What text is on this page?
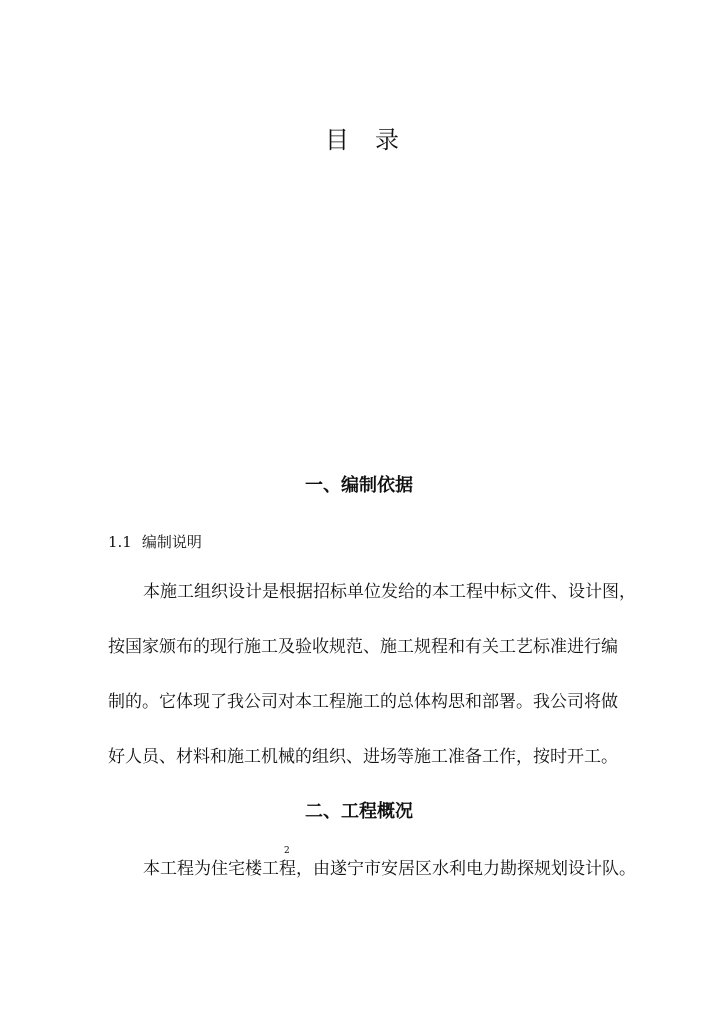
目录
一、编制依据
1.1 编制说明
本施工组织设计是根据招标单位发给的本工程中标文件、设计图，
按国家颁布的现行施工及验收规范、施工规程和有关工艺标准进行编
制的。它体现了我公司对本工程施工的总体构思和部署。我公司将做
好人员、材料和施工机械的组织、进场等施工准备工作，按时开工。
二、工程概况
2
本工程为住宅楼工程，由遂宁市安居区水利电力勘探规划设计队。
